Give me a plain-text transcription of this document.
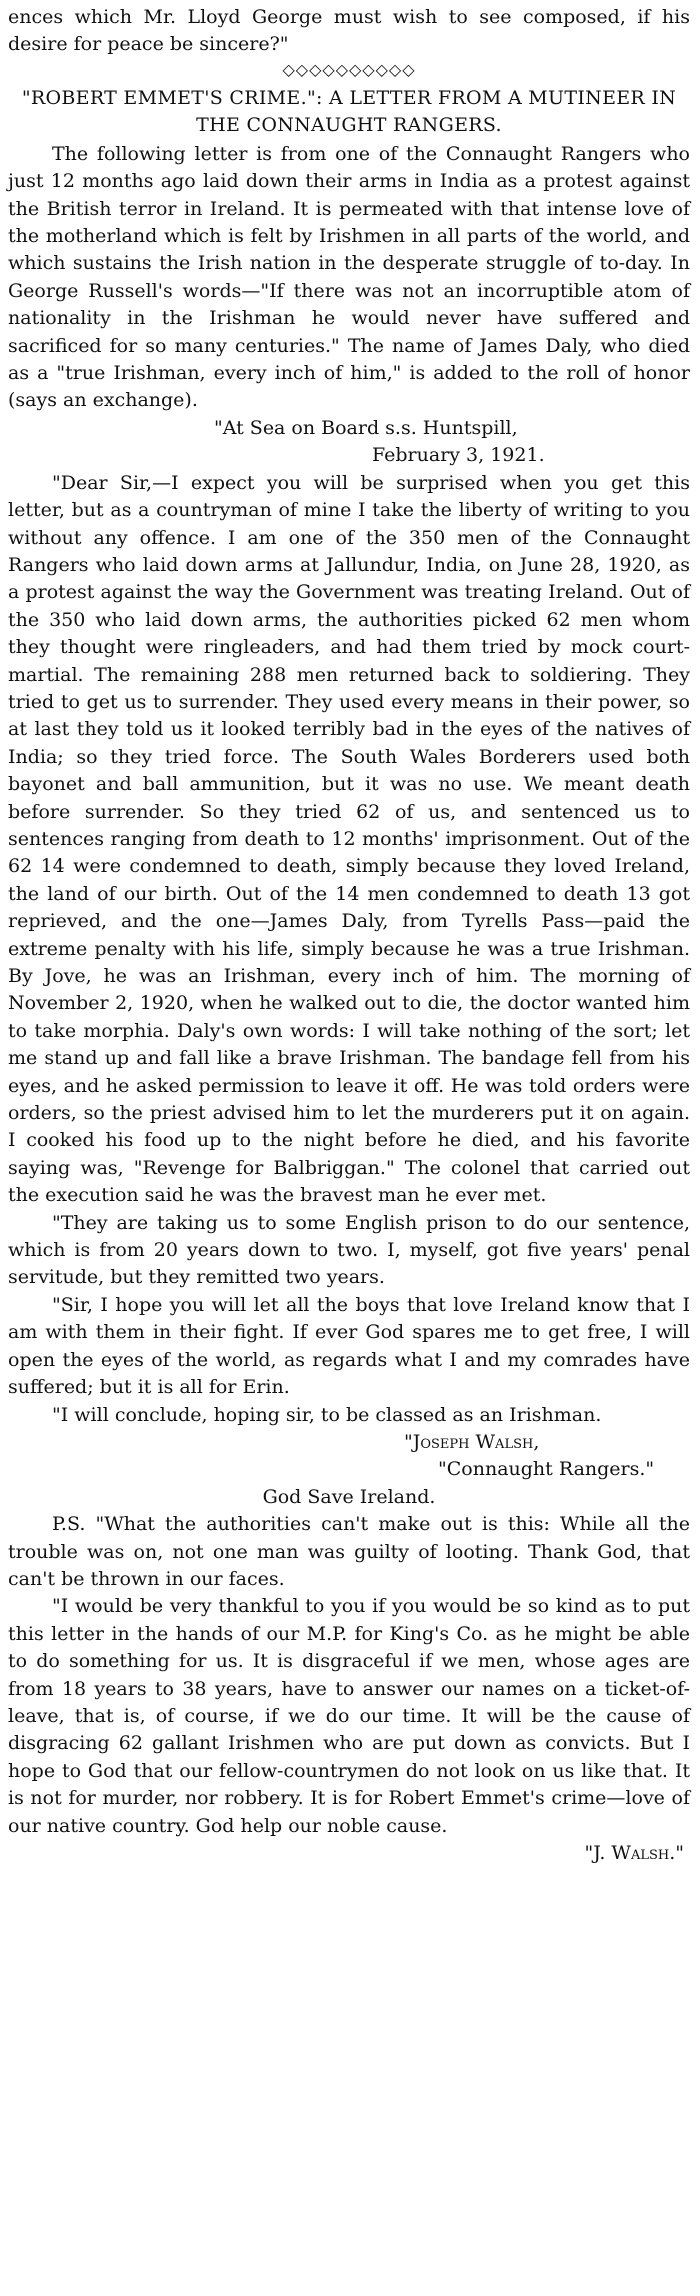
ences which Mr. Lloyd George must wish to see composed, if his desire for peace be sincere?"

◇◇◇◇◇◇◇◇◇◇

"ROBERT EMMET'S CRIME.": A LETTER FROM A MUTINEER IN THE CONNAUGHT RANGERS.

The following letter is from one of the Connaught Rangers who just 12 months ago laid down their arms in India as a protest against the British terror in Ireland. It is permeated with that intense love of the motherland which is felt by Irishmen in all parts of the world, and which sustains the Irish nation in the desperate struggle of to-day. In George Russell's words—"If there was not an incorruptible atom of nationality in the Irishman he would never have suffered and sacrificed for so many centuries." The name of James Daly, who died as a "true Irishman, every inch of him," is added to the roll of honor (says an exchange).

"At Sea on Board s.s. Huntspill,

February 3, 1921.

"Dear Sir,—I expect you will be surprised when you get this letter, but as a countryman of mine I take the liberty of writing to you without any offence. I am one of the 350 men of the Connaught Rangers who laid down arms at Jallundur, India, on June 28, 1920, as a protest against the way the Government was treating Ireland. Out of the 350 who laid down arms, the authorities picked 62 men whom they thought were ringleaders, and had them tried by mock court-martial. The remaining 288 men returned back to soldiering. They tried to get us to surrender. They used every means in their power, so at last they told us it looked terribly bad in the eyes of the natives of India; so they tried force. The South Wales Borderers used both bayonet and ball ammunition, but it was no use. We meant death before surrender. So they tried 62 of us, and sentenced us to sentences ranging from death to 12 months' imprisonment. Out of the 62 14 were condemned to death, simply because they loved Ireland, the land of our birth. Out of the 14 men condemned to death 13 got reprieved, and the one—James Daly, from Tyrells Pass—paid the extreme penalty with his life, simply because he was a true Irishman. By Jove, he was an Irishman, every inch of him. The morning of November 2, 1920, when he walked out to die, the doctor wanted him to take morphia. Daly's own words: I will take nothing of the sort; let me stand up and fall like a brave Irishman. The bandage fell from his eyes, and he asked permission to leave it off. He was told orders were orders, so the priest advised him to let the murderers put it on again. I cooked his food up to the night before he died, and his favorite saying was, "Revenge for Balbriggan." The colonel that carried out the execution said he was the bravest man he ever met.

"They are taking us to some English prison to do our sentence, which is from 20 years down to two. I, myself, got five years' penal servitude, but they remitted two years.

"Sir, I hope you will let all the boys that love Ireland know that I am with them in their fight. If ever God spares me to get free, I will open the eyes of the world, as regards what I and my comrades have suffered; but it is all for Erin.

"I will conclude, hoping sir, to be classed as an Irishman.

"Joseph Walsh,

"Connaught Rangers."

God Save Ireland.

P.S. "What the authorities can't make out is this: While all the trouble was on, not one man was guilty of looting. Thank God, that can't be thrown in our faces.

"I would be very thankful to you if you would be so kind as to put this letter in the hands of our M.P. for King's Co. as he might be able to do something for us. It is disgraceful if we men, whose ages are from 18 years to 38 years, have to answer our names on a ticket-of-leave, that is, of course, if we do our time. It will be the cause of disgracing 62 gallant Irishmen who are put down as convicts. But I hope to God that our fellow-countrymen do not look on us like that. It is not for murder, nor robbery. It is for Robert Emmet's crime—love of our native country. God help our noble cause.

"J. Walsh."
